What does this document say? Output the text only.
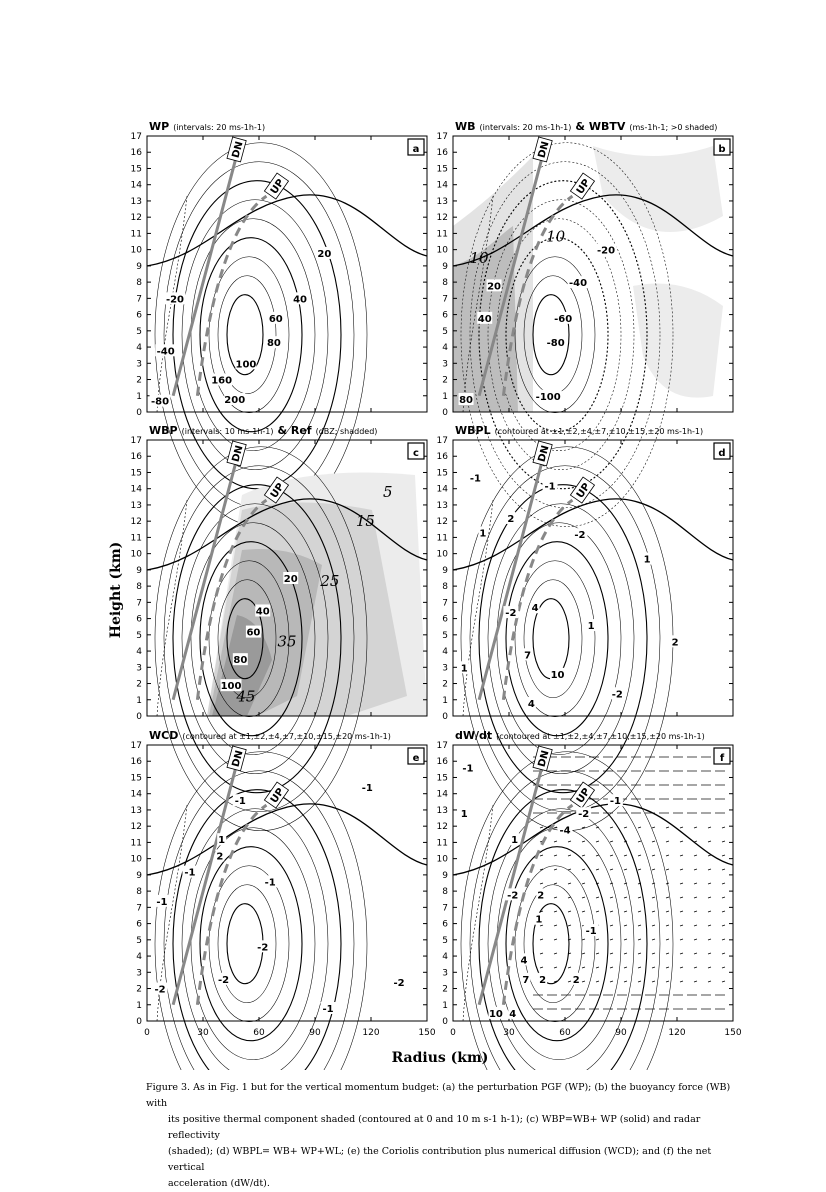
DN
UP
0
1
2
3
4
5
6
7
8
9
10
11
12
13
14
15
16
17
20
40
60
80
100
160
200
-20
-40
-80
a
WP (intervals: 20 ms-1h-1)
DN
UP
0
1
2
3
4
5
6
7
8
9
10
11
12
13
14
15
16
17
20
40
80
-20
-40
-60
-80
-100
10
10
b
WB (intervals: 20 ms-1h-1) & WBTV (ms-1h-1; >0 shaded)
DN
UP
0
1
2
3
4
5
6
7
8
9
10
11
12
13
14
15
16
17
20
40
60
80
100
5
15
25
35
45
c
WBP (intervals: 10 ms-1h-1) & Ref (dBZ; shadded)
DN
UP
0
1
2
3
4
5
6
7
8
9
10
11
12
13
14
15
16
17
-1
-1
2
1	-2
1
-2 4
1
2
7
1
10
-2
4
d
WBPL (contoured at ±1,±2,±4,±7,±10,±15,±20 ms-1h-1)
DN
UP
0
1
2
3
4
5
6
7
8
9
10
11
12
13
14
15
16
17
0	30	60	90	120	150
-1
-1
1
2
-1
-1
-1
-2
-2
-2
-2
-1
e
WCD (contoured at ±1,±2,±4,±7,±10,±15,±20 ms-1h-1)
DN
UP
0
1
2
3
4
5
6
7
8
9
10
11
12
13
14
15
16
17
0	30	60	90	120	150
-1
-1
1	-2
-4
1
-2 2
1
-1
4
7 2	2
10 4
f
dW/dt (contoured at ±1,±2,±4,±7,±10,±15,±20 ms-1h-1)
Height (km)
Radius (km)

Figure 3. As in Fig. 1 but for the vertical momentum budget: (a) the perturbation PGF (WP); (b) the buoyancy force (WB) with

its positive thermal component shaded (contoured at 0 and 10 m s-1 h-1); (c) WBP=WB+ WP (solid) and radar reflectivity

(shaded); (d) WBPL= WB+ WP+WL; (e) the Coriolis contribution plus numerical diffusion (WCD); and (f) the net vertical

acceleration (dW/dt).
